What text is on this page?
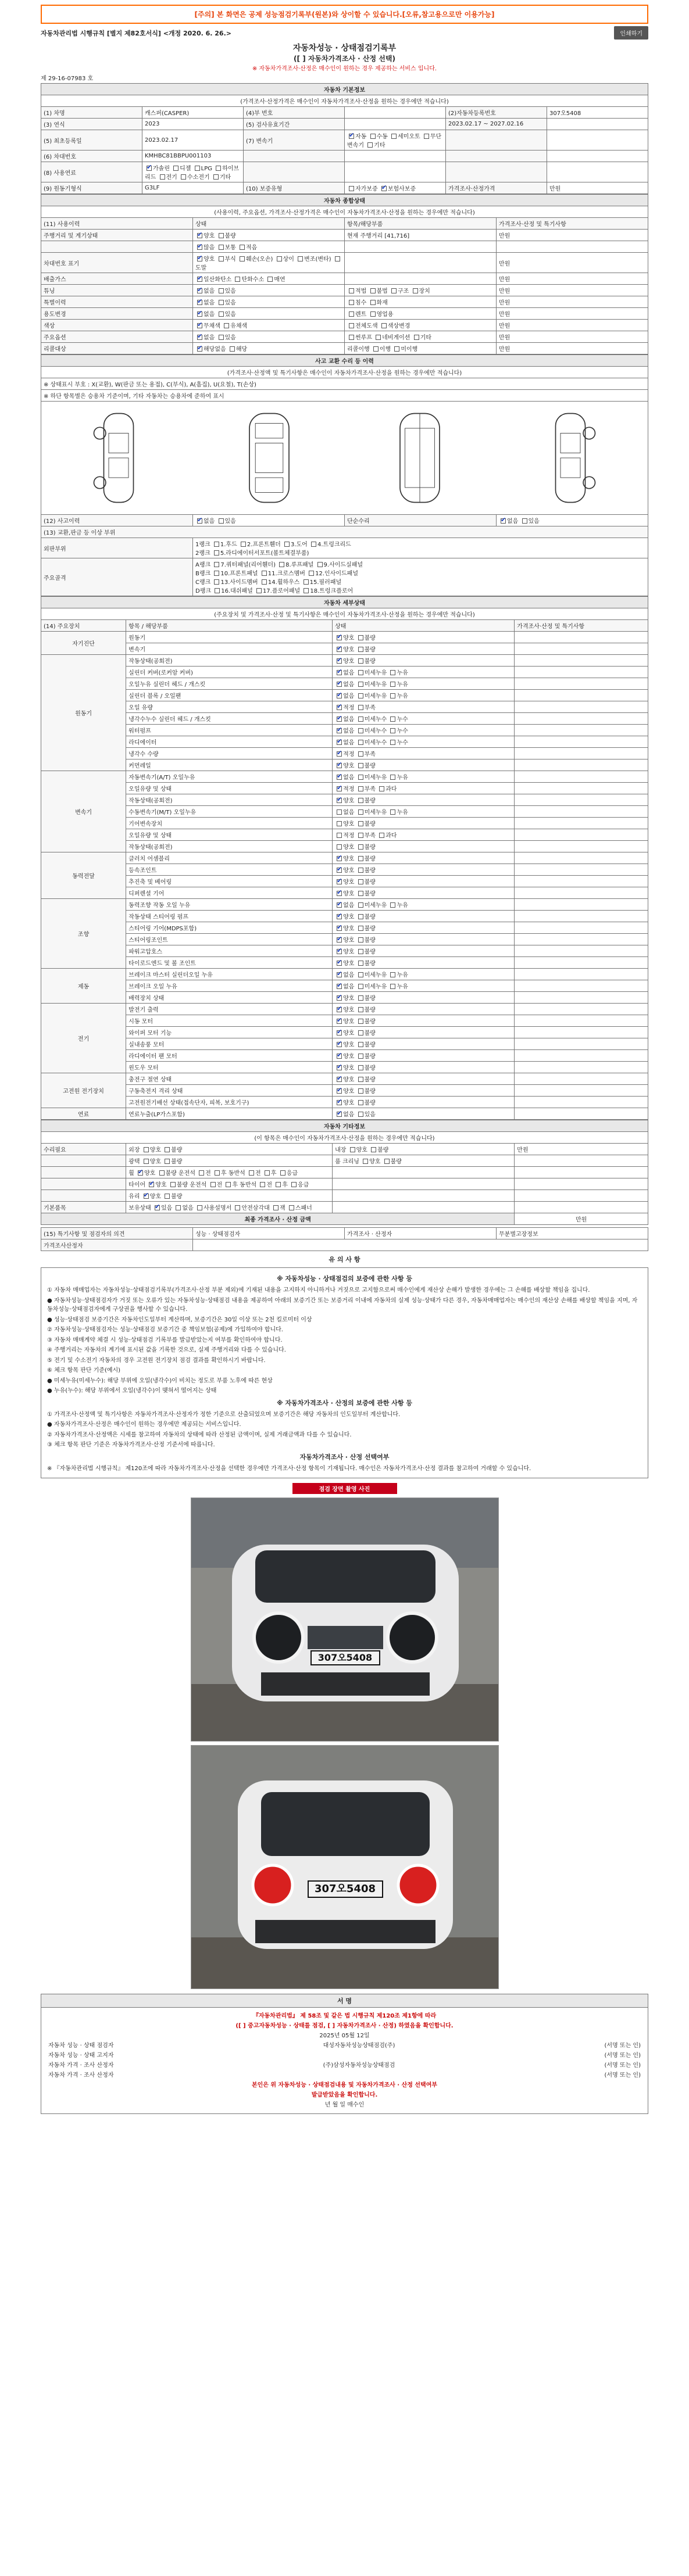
[주의] 본 화면은 공제 성능점검기록부(원본)와 상이할 수 있습니다.[오류,참고용으로만 이용가능]
자동차관리법 시행규칙 [별지 제82호서식] <개정 2020. 6. 26.>	인쇄하기
자동차성능 · 상태점검기록부
([ ] 자동차가격조사 · 산정 선택)
※ 자동차가격조사·산정은 매수인이 원하는 경우 제공하는 서비스 입니다.
제 29-16-07983 호
자동차 기본정보					
(가격조사·산정가격은 매수인이 자동차가격조사·산정을 원하는 경우에만 적습니다)					
(1) 차명	캐스퍼(CASPER)	(4)부 번호		(2)자동차등록번호	307오5408
(3) 연식	2023	(5) 검사유효기간		2023.02.17 ~ 2027.02.16	
(5) 최초등록일	2023.02.17	(7) 변속기	✔자동 수동 세미오토 무단변속기 기타		
(6) 차대번호	KMHBC81BBPU001103				
(8) 사용연료	✔가솔린 디젤 LPG 하이브리드 전기 수소전기 기타				
(9) 원동기형식	G3LF	(10) 보증유형	자가보증 ✔보험사보증	가격조사·산정가격	만원
자동차 종합상태			
(사용이력, 주요옵션, 가격조사·산정가격은 매수인이 자동차가격조사·산정을 원하는 경우에만 적습니다)			
(11) 사용이력	상태	항목/해당부품	가격조사·산정 및 특기사항
주행거리 및 계기상태	✔양호 불량	현재 주행거리 [41,716]	만원
	✔많음 보통 적음		
차대번호 표기	✔양호 부식 훼손(오손) 상이 변조(변타) 도말		만원
배출가스	✔일산화탄소 탄화수소 매연		만원
튜닝	✔없음 있음	적법 불법 구조 장치	만원
특별이력	✔없음 있음	침수 화재	만원
용도변경	✔없음 있음	렌트 영업용	만원
색상	✔무채색 유채색	전체도색 색상변경	만원
주요옵션	✔없음 있음	썬루프 네비게이션 기타	만원
리콜대상	✔해당없음 해당	리콜이행 이행 미이행	만원
사고 교환 수리 등 이력			
(가격조사·산정액 및 특기사항은 매수인이 자동차가격조사·산정을 원하는 경우에만 적습니다)			
※ 상태표시 부호 : X(교환), W(판금 또는 용접), C(부식), A(흠집), U(요철), T(손상)			
※ 하단 항목별은 승용차 기준이며, 기타 자동차는 승용차에 준하여 표시			

(12) 사고이력	✔없음 있음	단순수리	✔없음 있음
(13) 교환,판금 등 이상 부위			
외판부위	1랭크 1.후드 2.프론트휀더 3.도어 4.트렁크리드
2랭크 5.라디에이터서포트(볼트체결부품)		

주요골격	A랭크 7.쿼터패널(리어휀더) 8.루프패널 9.사이드실패널
B랭크 10.프론트패널 11.크로스멤버 12.인사이드패널
C랭크 13.사이드멤버 14.휠하우스 15.필러패널
D랭크 16.대쉬패널 17.플로어패널 18.트렁크플로어		
자동차 세부상태			
(주요장치 및 가격조사·산정 및 특기사항은 매수인이 자동차가격조사·산정을 원하는 경우에만 적습니다)			
(14) 주요장치	항목 / 해당부품	상태	가격조사·산정 및 특기사항
자기진단	원동기	✔양호 불량	
	변속기	✔양호 불량	
원동기	작동상태(공회전)	✔양호 불량	
	실린더 커버(로커암 커버)	✔없음 미세누유 누유	
	오일누유 실린더 헤드 / 개스킷	✔없음 미세누유 누유	
	실린더 블록 / 오일팬	✔없음 미세누유 누유	
	오일 유량	✔적정 부족	
	냉각수누수 실린더 헤드 / 개스킷	✔없음 미세누수 누수	
	워터펌프	✔없음 미세누수 누수	
	라디에이터	✔없음 미세누수 누수	
	냉각수 수량	✔적정 부족	
	커먼레일	✔양호 불량	
변속기	자동변속기(A/T) 오일누유	✔없음 미세누유 누유	
	오일유량 및 상태	✔적정 부족 과다	
	작동상태(공회전)	✔양호 불량	
	수동변속기(M/T) 오일누유	없음 미세누유 누유	
	기어변속장치	양호 불량	
	오일유량 및 상태	적정 부족 과다	
	작동상태(공회전)	양호 불량	
동력전달	클러치 어셈블리	✔양호 불량	
	등속조인트	✔양호 불량	
	추진축 및 베어링	✔양호 불량	
	디퍼렌셜 기어	✔양호 불량	
조향	동력조향 작동 오일 누유	✔없음 미세누유 누유	
	작동상태 스티어링 펌프	✔양호 불량	
	스티어링 기어(MDPS포함)	✔양호 불량	
	스티어링조인트	✔양호 불량	
	파워고압호스	✔양호 불량	
	타이로드엔드 및 볼 조인트	✔양호 불량	
제동	브레이크 마스터 실린더오일 누유	✔없음 미세누유 누유	
	브레이크 오일 누유	✔없음 미세누유 누유	
	배력장치 상태	✔양호 불량	
전기	발전기 출력	✔양호 불량	
	시동 모터	✔양호 불량	
	와이퍼 모터 기능	✔양호 불량	
	실내송풍 모터	✔양호 불량	
	라디에이터 팬 모터	✔양호 불량	
	윈도우 모터	✔양호 불량	
고전원 전기장치	충전구 절연 상태	✔양호 불량	
	구동축전지 격리 상태	✔양호 불량	
	고전원전기배선 상태(접속단자, 피복, 보호기구)	✔양호 불량	
연료	연료누출(LP가스포함)	✔없음 있음	
자동차 기타정보			
(이 항목은 매수인이 자동차가격조사·산정을 원하는 경우에만 적습니다)			
수리필요	외장 양호 불량	내장 양호 불량	만원
	광택 양호 불량	룸 크리닝 양호 불량	
	휠 ✔양호 불량 운전석 전 후 동반석 전 후 응급		
	타이어 ✔양호 불량 운전석 전 후 동반석 전 후 응급		
	유리 ✔양호 불량		
기본품목	보유상태 ✔있음 없음 사용설명서 안전삼각대 잭 스패너		
최종 가격조사 · 산정 금액			만원
(15) 특기사항 및 점검자의 의견	성능 · 상태점검자	가격조사 · 산정자	무분별고장정보
가격조사산정자			
유 의 사 항
※ 자동차성능 · 상태점검의 보증에 관한 사항 등

① 자동차 매매업자는 자동차성능·상태점검기록부(가격조사·산정 부분 제외)에 기재된 내용을 고지하지 아니하거나 거짓으로 고지함으로써 매수인에게 재산상 손해가 발생한 경우에는 그 손해를 배상할 책임을 집니다.

● 자동차성능·상태점검자가 거짓 또는 오류가 있는 자동차성능·상태점검 내용을 제공하여 아래의 보증기간 또는 보증거리 이내에 자동차의 실제 성능·상태가 다른 경우, 자동차매매업자는 매수인의 재산상 손해를 배상할 책임을 지며, 자동차성능·상태점검자에게 구상권을 행사할 수 있습니다.

● 성능·상태점검 보증기간은 자동차인도일부터 계산하며, 보증기간은 30일 이상 또는 2천 킬로미터 이상

② 자동차성능·상태점검자는 성능·상태점검 보증기간 중 책임보험(공제)에 가입하여야 합니다.

③ 자동차 매매계약 체결 시 성능·상태점검 기록부를 발급받았는지 여부를 확인하여야 합니다.

④ 주행거리는 자동차의 계기에 표시된 값을 기록한 것으로, 실제 주행거리와 다를 수 있습니다.

⑤ 전기 및 수소전기 자동차의 경우 고전원 전기장치 점검 결과를 확인하시기 바랍니다.

⑥ 체크 항목 판단 기준(예시)

● 미세누유(미세누수): 해당 부위에 오일(냉각수)이 비치는 정도로 부품 노후에 따른 현상

● 누유(누수): 해당 부위에서 오일(냉각수)이 맺혀서 떨어지는 상태

※ 자동차가격조사 · 산정의 보증에 관한 사항 등

① 가격조사·산정액 및 특기사항은 자동차가격조사·산정자가 정한 기준으로 산출되었으며 보증기간은 해당 자동차의 인도일부터 계산합니다.

● 자동차가격조사·산정은 매수인이 원하는 경우에만 제공되는 서비스입니다.

② 자동차가격조사·산정액은 시세를 참고하여 자동차의 상태에 따라 산정된 금액이며, 실제 거래금액과 다를 수 있습니다.

③ 체크 항목 판단 기준은 자동차가격조사·산정 기준서에 따릅니다.

자동차가격조사 · 산정 선택여부

※ 『자동차관리법 시행규칙』 제120조에 따라 자동차가격조사·산정을 선택한 경우에만 가격조사·산정 항목이 기재됩니다. 매수인은 자동차가격조사·산정 결과를 참고하여 거래할 수 있습니다.

점검 장면 촬영 사진
307오5408
307오5408
서 명
『자동차관리법』 제 58조 및 같은 법 시행규칙 제120조 제1항에 따라
([ ] 중고자동차성능 · 상태를 점검, [ ] 자동차가격조사 · 산정) 하였음을 확인합니다.
2025년 05월 12일
자동차 성능 · 상태 점검자	대성자동차성능상태점검(주)	(서명 또는 인)
자동차 성능 · 상태 고지자	(서명 또는 인)
자동차 가격 · 조사 산정자	(주)삼성자동차성능상태점검	(서명 또는 인)
자동차 가격 · 조사 산정자	(서명 또는 인)
본인은 위 자동차성능 · 상태점검내용 및 자동차가격조사 · 산정 선택여부
발급받았음을 확인합니다.
년 월 일 매수인
